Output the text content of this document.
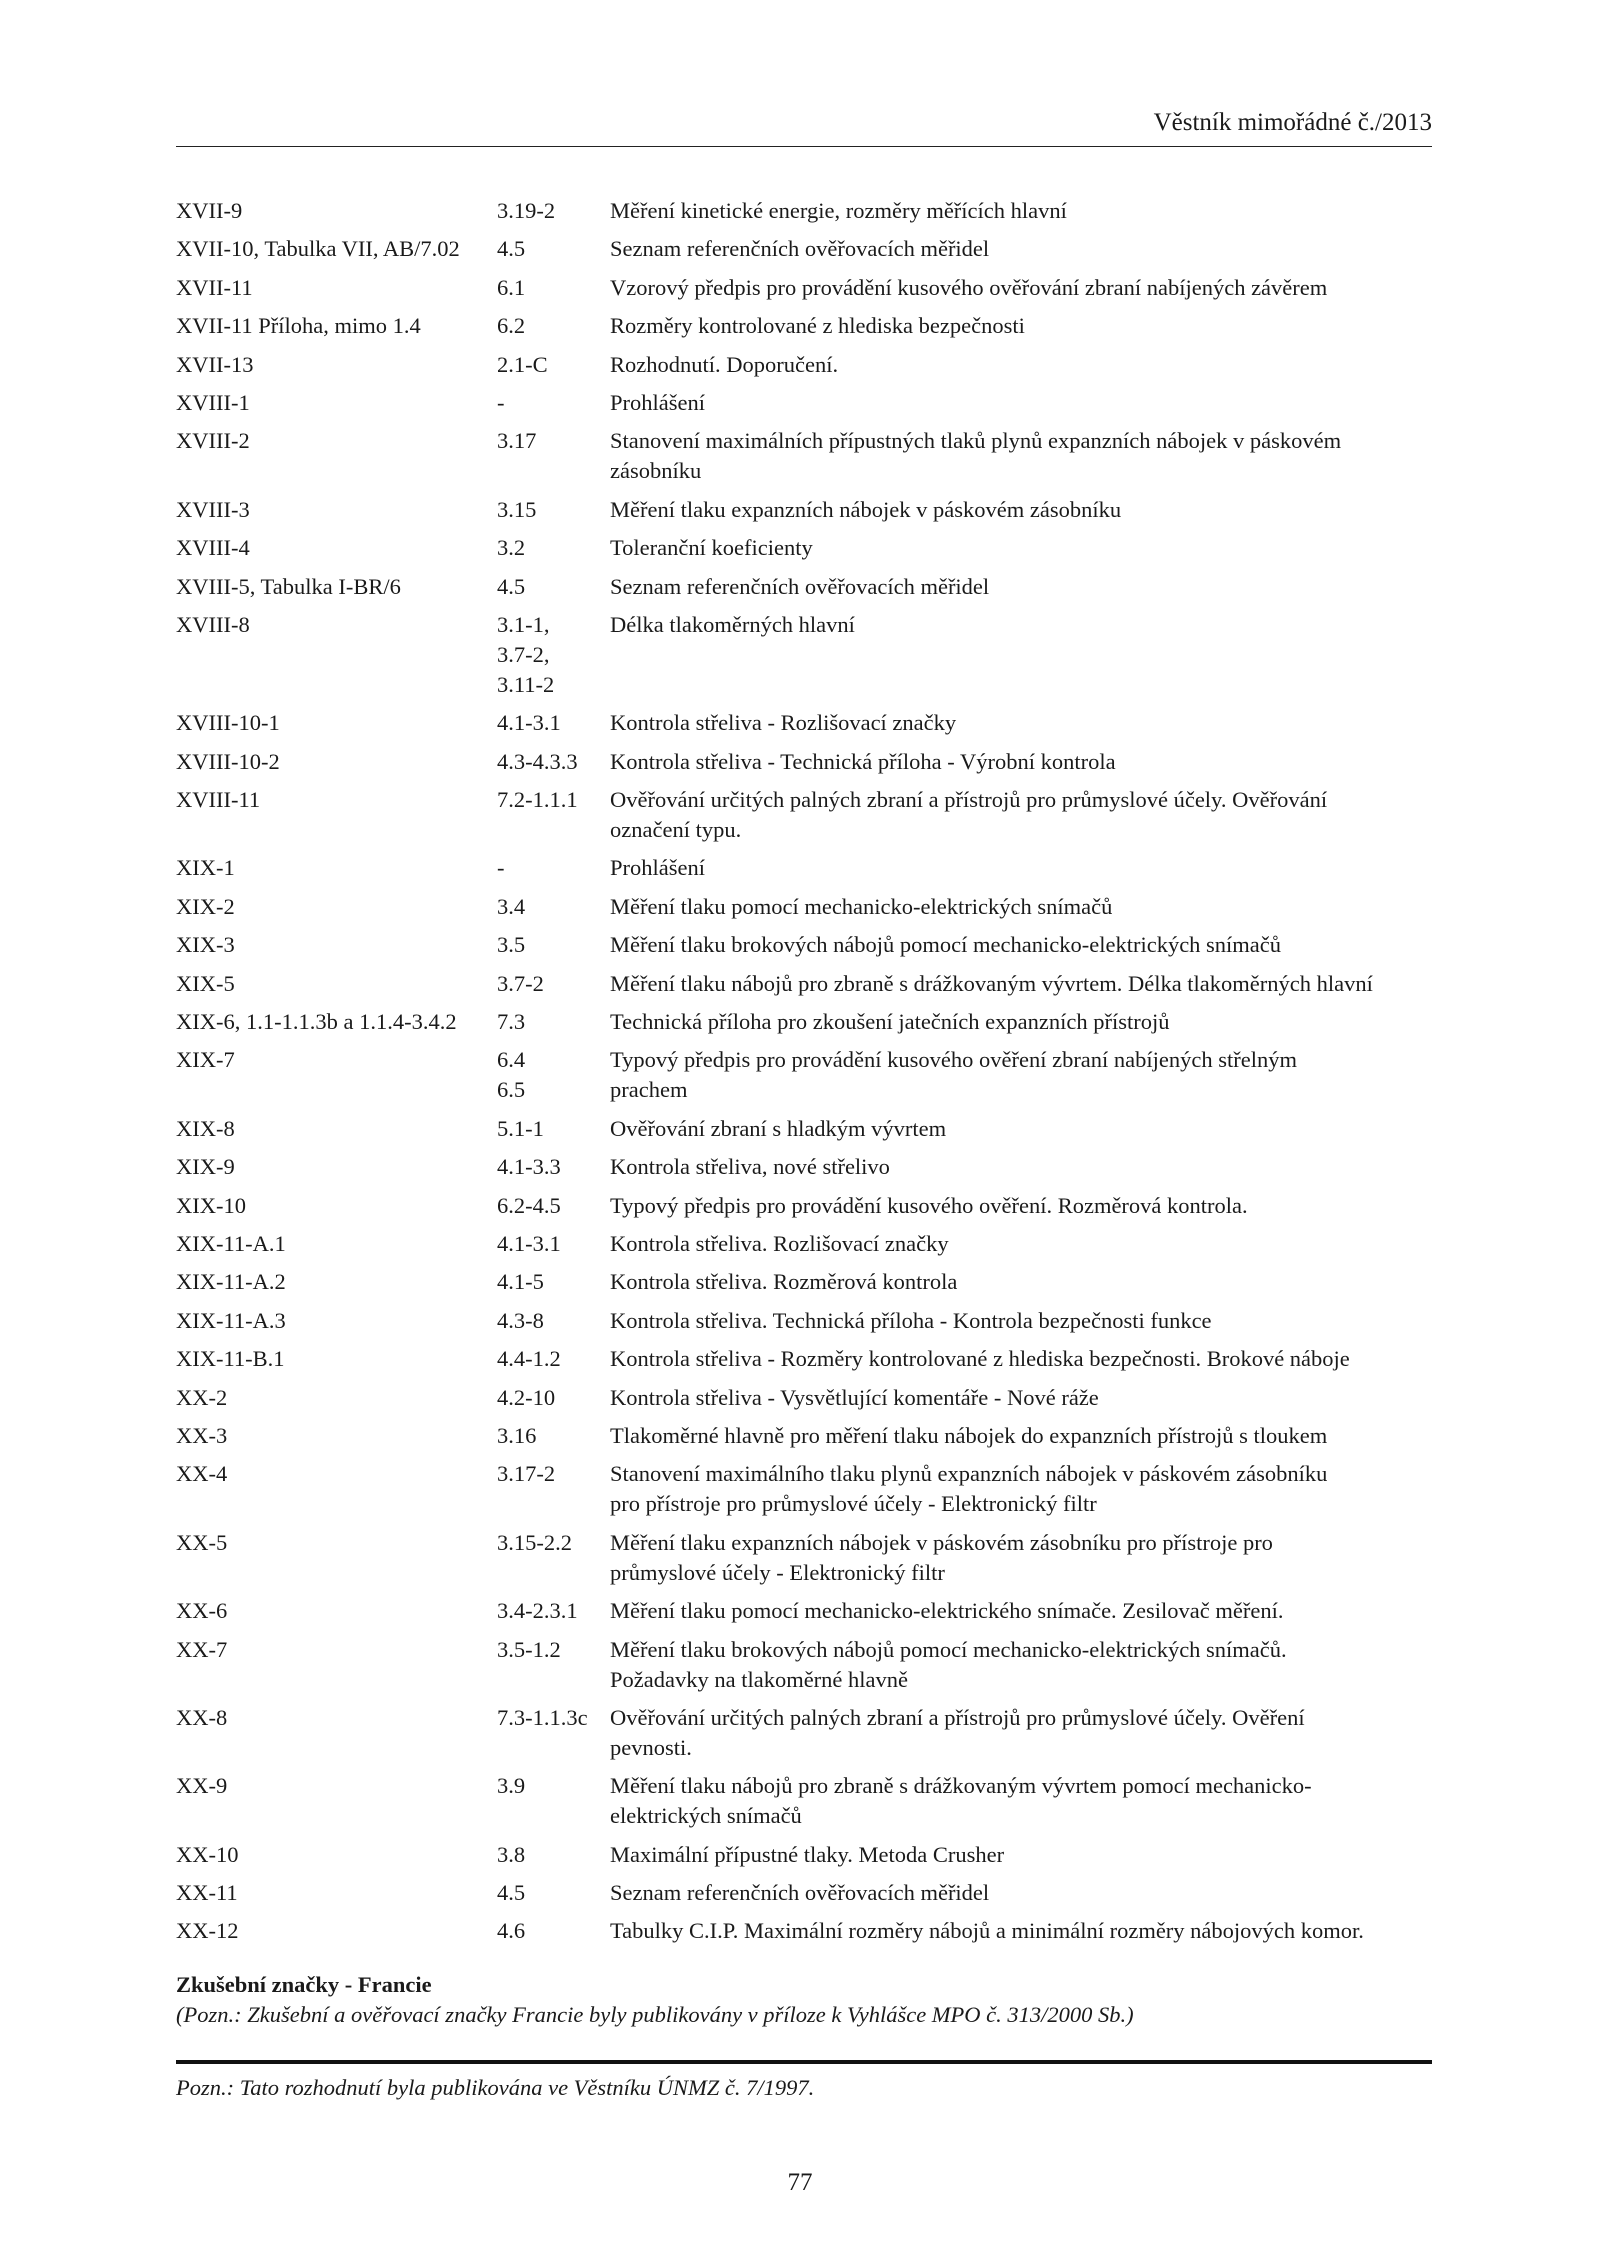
Věstník mimořádné č./2013
XVII-9	3.19-2	Měření kinetické energie, rozměry měřících hlavní
XVII-10, Tabulka VII, AB/7.02	4.5	Seznam referenčních ověřovacích měřidel
XVII-11	6.1	Vzorový předpis pro provádění kusového ověřování zbraní nabíjených závěrem
XVII-11 Příloha, mimo 1.4	6.2	Rozměry kontrolované z hlediska bezpečnosti
XVII-13	2.1-C	Rozhodnutí. Doporučení.
XVIII-1	-	Prohlášení
XVIII-2	3.17	Stanovení maximálních přípustných tlaků plynů expanzních nábojek v páskovém
zásobníku
XVIII-3	3.15	Měření tlaku expanzních nábojek v páskovém zásobníku
XVIII-4	3.2	Toleranční koeficienty
XVIII-5, Tabulka I-BR/6	4.5	Seznam referenčních ověřovacích měřidel
XVIII-8	3.1-1,
3.7-2,
3.11-2
Délka tlakoměrných hlavní
XVIII-10-1	4.1-3.1	Kontrola střeliva - Rozlišovací značky
XVIII-10-2	4.3-4.3.3	Kontrola střeliva - Technická příloha - Výrobní kontrola
XVIII-11	7.2-1.1.1	Ověřování určitých palných zbraní a přístrojů pro průmyslové účely. Ověřování
označení typu.
XIX-1	-	Prohlášení
XIX-2	3.4	Měření tlaku pomocí mechanicko-elektrických snímačů
XIX-3	3.5	Měření tlaku brokových nábojů pomocí mechanicko-elektrických snímačů
XIX-5	3.7-2	Měření tlaku nábojů pro zbraně s drážkovaným vývrtem. Délka tlakoměrných hlavní
XIX-6, 1.1-1.1.3b a 1.1.4-3.4.2	7.3	Technická příloha pro zkoušení jatečních expanzních přístrojů
XIX-7	6.4
6.5
Typový předpis pro provádění kusového ověření zbraní nabíjených střelným
prachem
XIX-8	5.1-1	Ověřování zbraní s hladkým vývrtem
XIX-9	4.1-3.3	Kontrola střeliva, nové střelivo
XIX-10	6.2-4.5	Typový předpis pro provádění kusového ověření. Rozměrová kontrola.
XIX-11-A.1	4.1-3.1	Kontrola střeliva. Rozlišovací značky
XIX-11-A.2	4.1-5	Kontrola střeliva. Rozměrová kontrola
XIX-11-A.3	4.3-8	Kontrola střeliva. Technická příloha - Kontrola bezpečnosti funkce
XIX-11-B.1	4.4-1.2	Kontrola střeliva - Rozměry kontrolované z hlediska bezpečnosti. Brokové náboje
XX-2	4.2-10	Kontrola střeliva - Vysvětlující komentáře - Nové ráže
XX-3	3.16	Tlakoměrné hlavně pro měření tlaku nábojek do expanzních přístrojů s tloukem
XX-4	3.17-2	Stanovení maximálního tlaku plynů expanzních nábojek v páskovém zásobníku
pro přístroje pro průmyslové účely - Elektronický filtr
XX-5	3.15-2.2	Měření tlaku expanzních nábojek v páskovém zásobníku pro přístroje pro
průmyslové účely - Elektronický filtr
XX-6	3.4-2.3.1	Měření tlaku pomocí mechanicko-elektrického snímače. Zesilovač měření.
XX-7	3.5-1.2	Měření tlaku brokových nábojů pomocí mechanicko-elektrických snímačů.
Požadavky na tlakoměrné hlavně
XX-8	7.3-1.1.3c Ověřování určitých palných zbraní a přístrojů pro průmyslové účely. Ověření
pevnosti.
XX-9	3.9	Měření tlaku nábojů pro zbraně s drážkovaným vývrtem pomocí mechanicko-
elektrických snímačů
XX-10	3.8	Maximální přípustné tlaky. Metoda Crusher
XX-11	4.5	Seznam referenčních ověřovacích měřidel
XX-12	4.6	Tabulky C.I.P. Maximální rozměry nábojů a minimální rozměry nábojových komor.
Zkušební značky - Francie
(Pozn.: Zkušební a ověřovací značky Francie byly publikovány v příloze k Vyhlášce MPO č. 313/2000 Sb.)
Pozn.: Tato rozhodnutí byla publikována ve Věstníku ÚNMZ č. 7/1997.
77
